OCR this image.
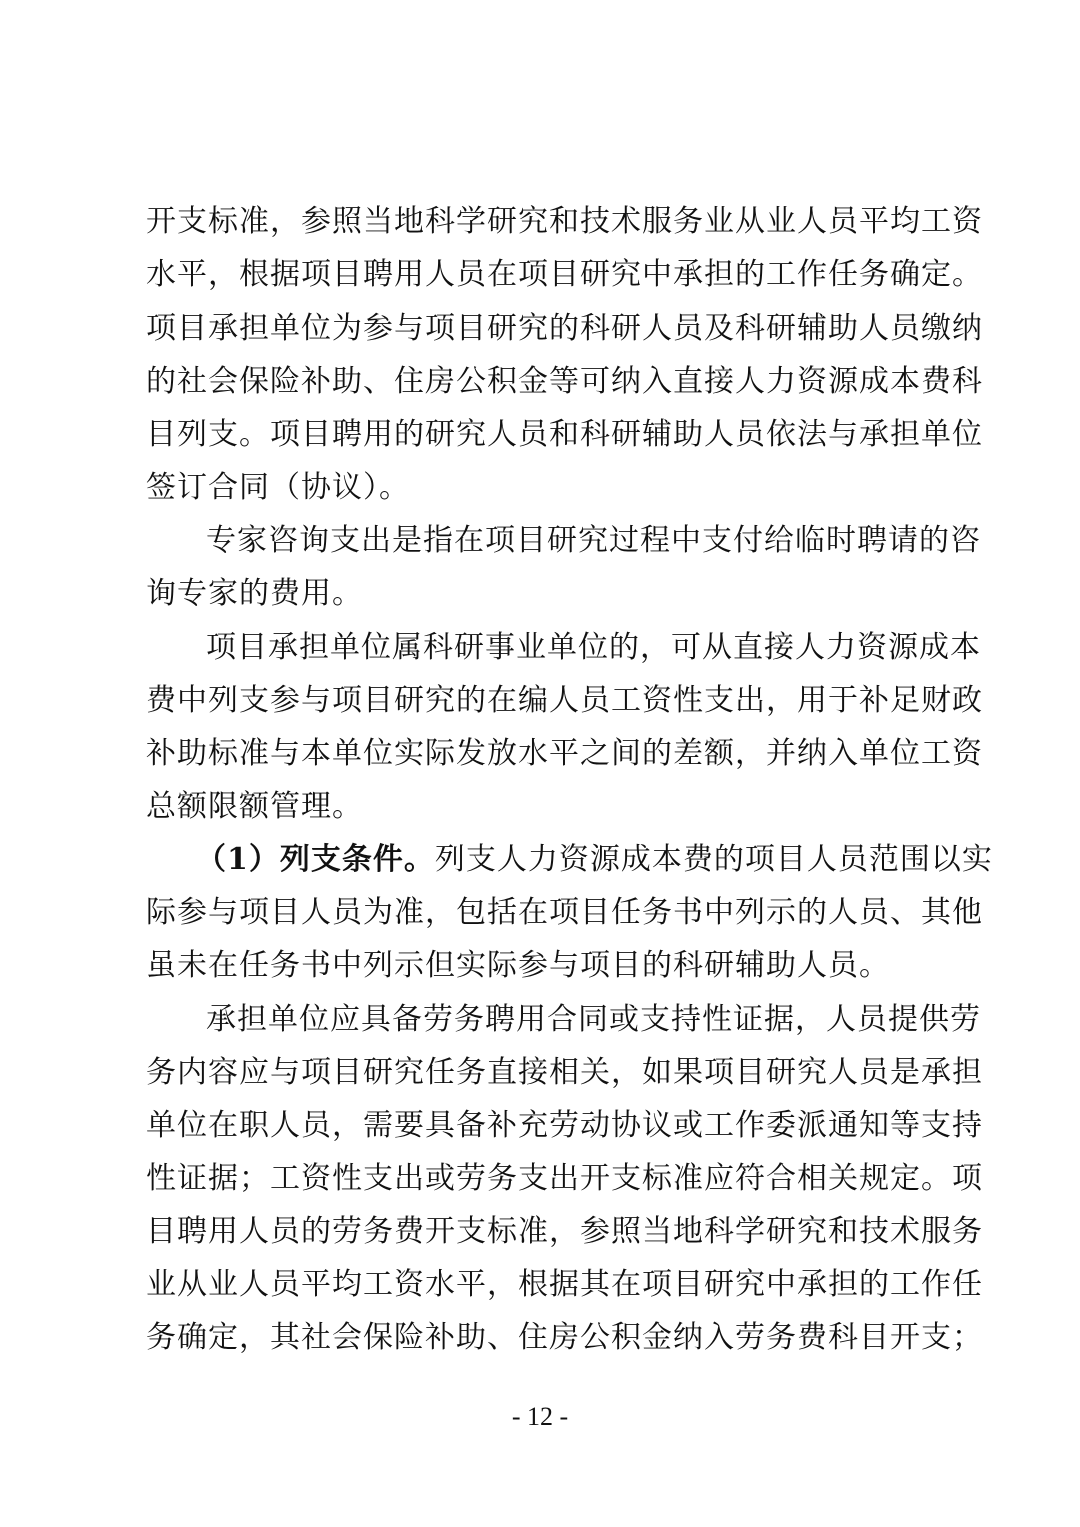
开支标准，参照当地科学研究和技术服务业从业人员平均工资
水平，根据项目聘用人员在项目研究中承担的工作任务确定。
项目承担单位为参与项目研究的科研人员及科研辅助人员缴纳
的社会保险补助、住房公积金等可纳入直接人力资源成本费科
目列支。项目聘用的研究人员和科研辅助人员依法与承担单位
签订合同（协议）。
专家咨询支出是指在项目研究过程中支付给临时聘请的咨
询专家的费用。
项目承担单位属科研事业单位的，可从直接人力资源成本
费中列支参与项目研究的在编人员工资性支出，用于补足财政
补助标准与本单位实际发放水平之间的差额，并纳入单位工资
总额限额管理。
（1）列支条件。列支人力资源成本费的项目人员范围以实
际参与项目人员为准，包括在项目任务书中列示的人员、其他
虽未在任务书中列示但实际参与项目的科研辅助人员。
承担单位应具备劳务聘用合同或支持性证据，人员提供劳
务内容应与项目研究任务直接相关，如果项目研究人员是承担
单位在职人员，需要具备补充劳动协议或工作委派通知等支持
性证据；工资性支出或劳务支出开支标准应符合相关规定。项
目聘用人员的劳务费开支标准，参照当地科学研究和技术服务
业从业人员平均工资水平，根据其在项目研究中承担的工作任
务确定，其社会保险补助、住房公积金纳入劳务费科目开支；
- 12 -
